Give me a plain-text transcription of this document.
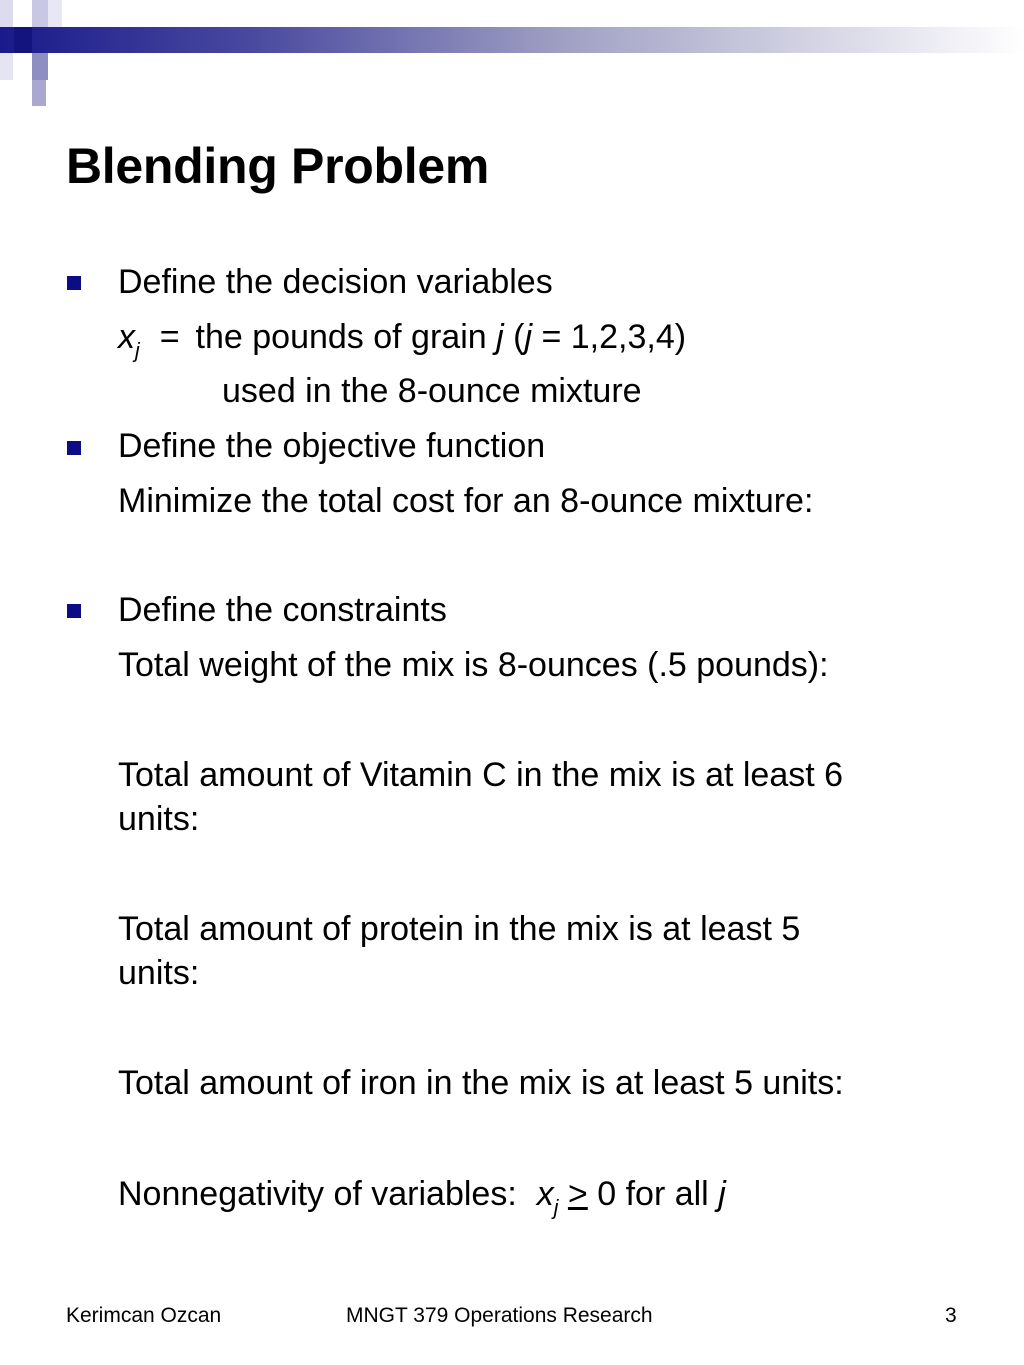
Blending Problem

Define the decision variables

$x_j$ = the pounds of grain j (j = 1,2,3,4)

used in the 8-ounce mixture

Define the objective function

Minimize the total cost for an 8-ounce mixture:

Define the constraints

Total weight of the mix is 8-ounces (.5 pounds):

Total amount of Vitamin C in the mix is at least 6

units:

Total amount of protein in the mix is at least 5

units:

Total amount of iron in the mix is at least 5 units:

Nonnegativity of variables: $x_j \ge 0$ for all j

Kerimcan Ozcan	MNGT 379 Operations Research	3
